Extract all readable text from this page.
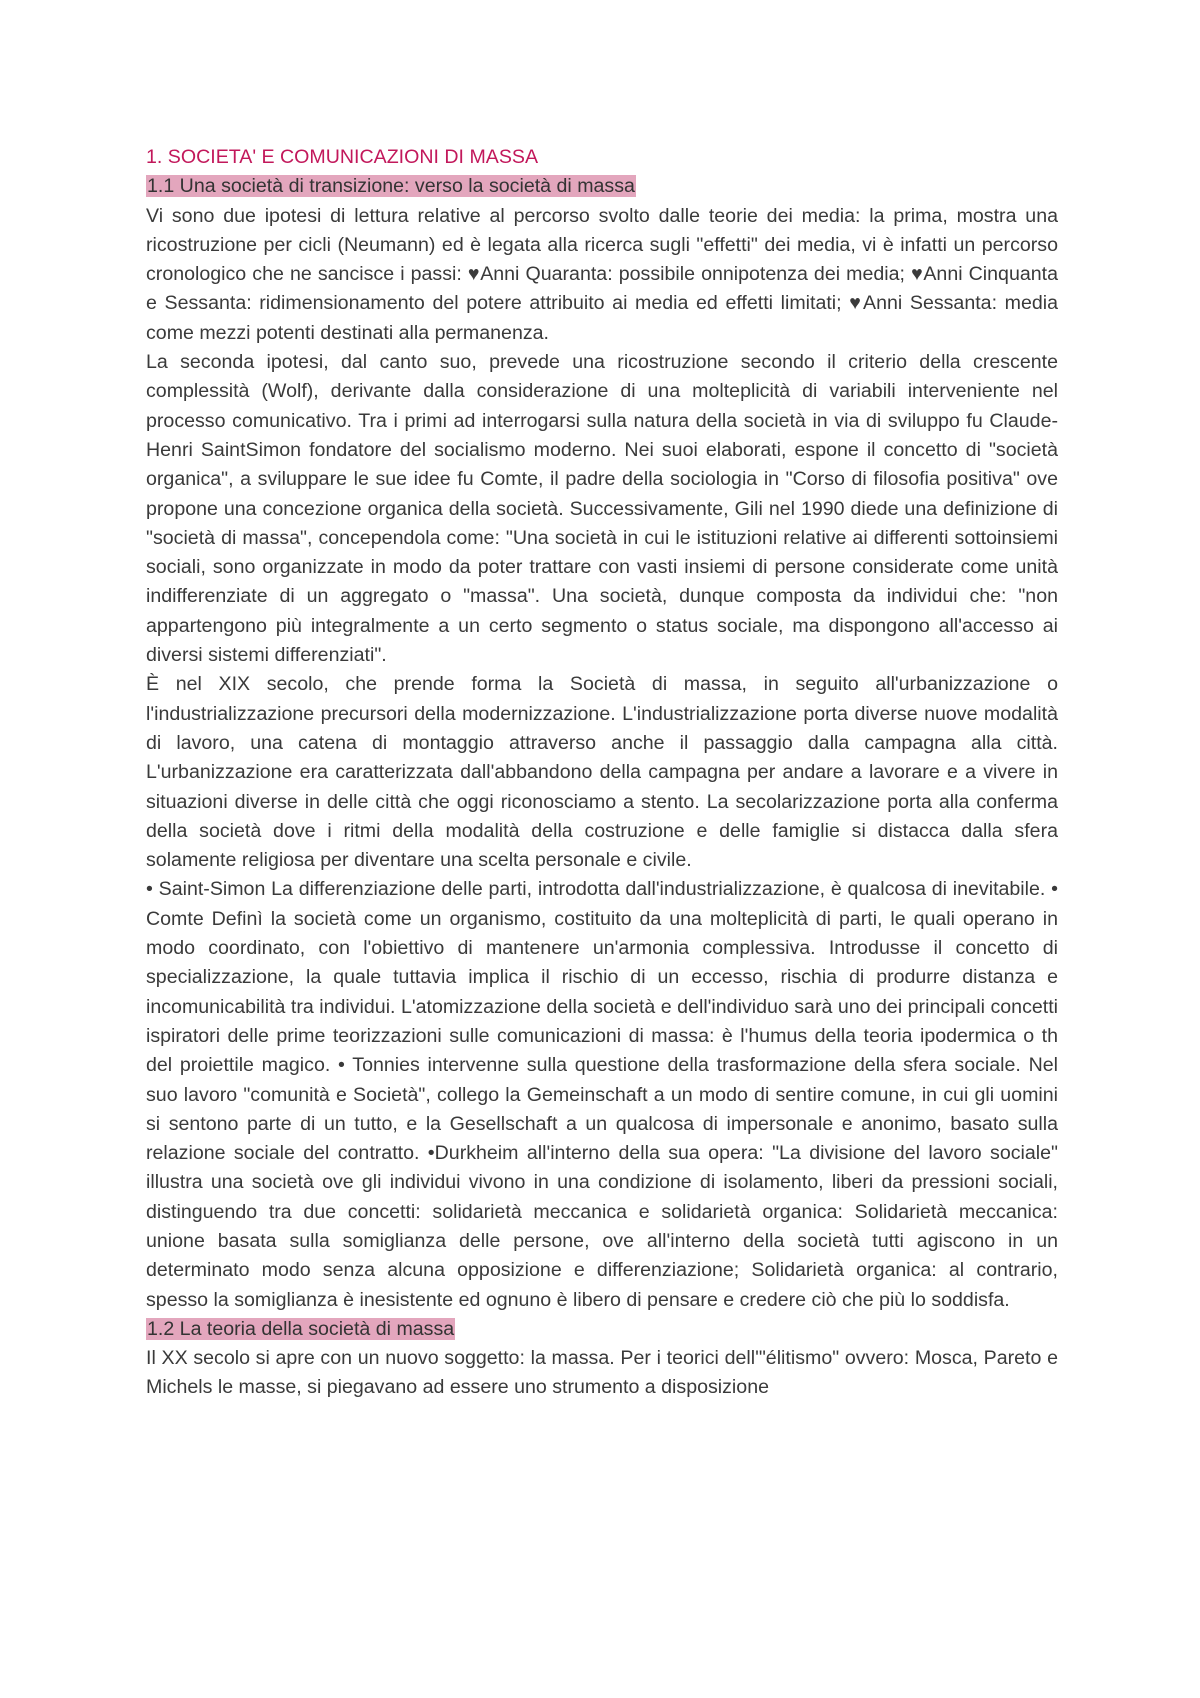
1. SOCIETA' E COMUNICAZIONI DI MASSA
1.1 Una società di transizione: verso la società di massa

Vi sono due ipotesi di lettura relative al percorso svolto dalle teorie dei media: la prima, mostra una ricostruzione per cicli (Neumann) ed è legata alla ricerca sugli "effetti" dei media, vi è infatti un percorso cronologico che ne sancisce i passi: ♥Anni Quaranta: possibile onnipotenza dei media; ♥Anni Cinquanta e Sessanta: ridimensionamento del potere attribuito ai media ed effetti limitati; ♥Anni Sessanta: media come mezzi potenti destinati alla permanenza.

La seconda ipotesi, dal canto suo, prevede una ricostruzione secondo il criterio della crescente complessità (Wolf), derivante dalla considerazione di una molteplicità di variabili interveniente nel processo comunicativo. Tra i primi ad interrogarsi sulla natura della società in via di sviluppo fu Claude-Henri SaintSimon fondatore del socialismo moderno. Nei suoi elaborati, espone il concetto di "società organica", a sviluppare le sue idee fu Comte, il padre della sociologia in "Corso di filosofia positiva" ove propone una concezione organica della società. Successivamente, Gili nel 1990 diede una definizione di "società di massa", concependola come: "Una società in cui le istituzioni relative ai differenti sottoinsiemi sociali, sono organizzate in modo da poter trattare con vasti insiemi di persone considerate come unità indifferenziate di un aggregato o "massa". Una società, dunque composta da individui che: "non appartengono più integralmente a un certo segmento o status sociale, ma dispongono all'accesso ai diversi sistemi differenziati".

È nel XIX secolo, che prende forma la Società di massa, in seguito all'urbanizzazione o l'industrializzazione precursori della modernizzazione. L'industrializzazione porta diverse nuove modalità di lavoro, una catena di montaggio attraverso anche il passaggio dalla campagna alla città. L'urbanizzazione era caratterizzata dall'abbandono della campagna per andare a lavorare e a vivere in situazioni diverse in delle città che oggi riconosciamo a stento. La secolarizzazione porta alla conferma della società dove i ritmi della modalità della costruzione e delle famiglie si distacca dalla sfera solamente religiosa per diventare una scelta personale e civile.

• Saint-Simon La differenziazione delle parti, introdotta dall'industrializzazione, è qualcosa di inevitabile. • Comte Definì la società come un organismo, costituito da una molteplicità di parti, le quali operano in modo coordinato, con l'obiettivo di mantenere un'armonia complessiva. Introdusse il concetto di specializzazione, la quale tuttavia implica il rischio di un eccesso, rischia di produrre distanza e incomunicabilità tra individui. L'atomizzazione della società e dell'individuo sarà uno dei principali concetti ispiratori delle prime teorizzazioni sulle comunicazioni di massa: è l'humus della teoria ipodermica o th del proiettile magico. • Tonnies intervenne sulla questione della trasformazione della sfera sociale. Nel suo lavoro "comunità e Società", collego la Gemeinschaft a un modo di sentire comune, in cui gli uomini si sentono parte di un tutto, e la Gesellschaft a un qualcosa di impersonale e anonimo, basato sulla relazione sociale del contratto. •Durkheim all'interno della sua opera: "La divisione del lavoro sociale" illustra una società ove gli individui vivono in una condizione di isolamento, liberi da pressioni sociali, distinguendo tra due concetti: solidarietà meccanica e solidarietà organica: Solidarietà meccanica: unione basata sulla somiglianza delle persone, ove all'interno della società tutti agiscono in un determinato modo senza alcuna opposizione e differenziazione; Solidarietà organica: al contrario, spesso la somiglianza è inesistente ed ognuno è libero di pensare e credere ciò che più lo soddisfa.

1.2 La teoria della società di massa

Il XX secolo si apre con un nuovo soggetto: la massa. Per i teorici dell'"élitismo" ovvero: Mosca, Pareto e Michels le masse, si piegavano ad essere uno strumento a disposizione
